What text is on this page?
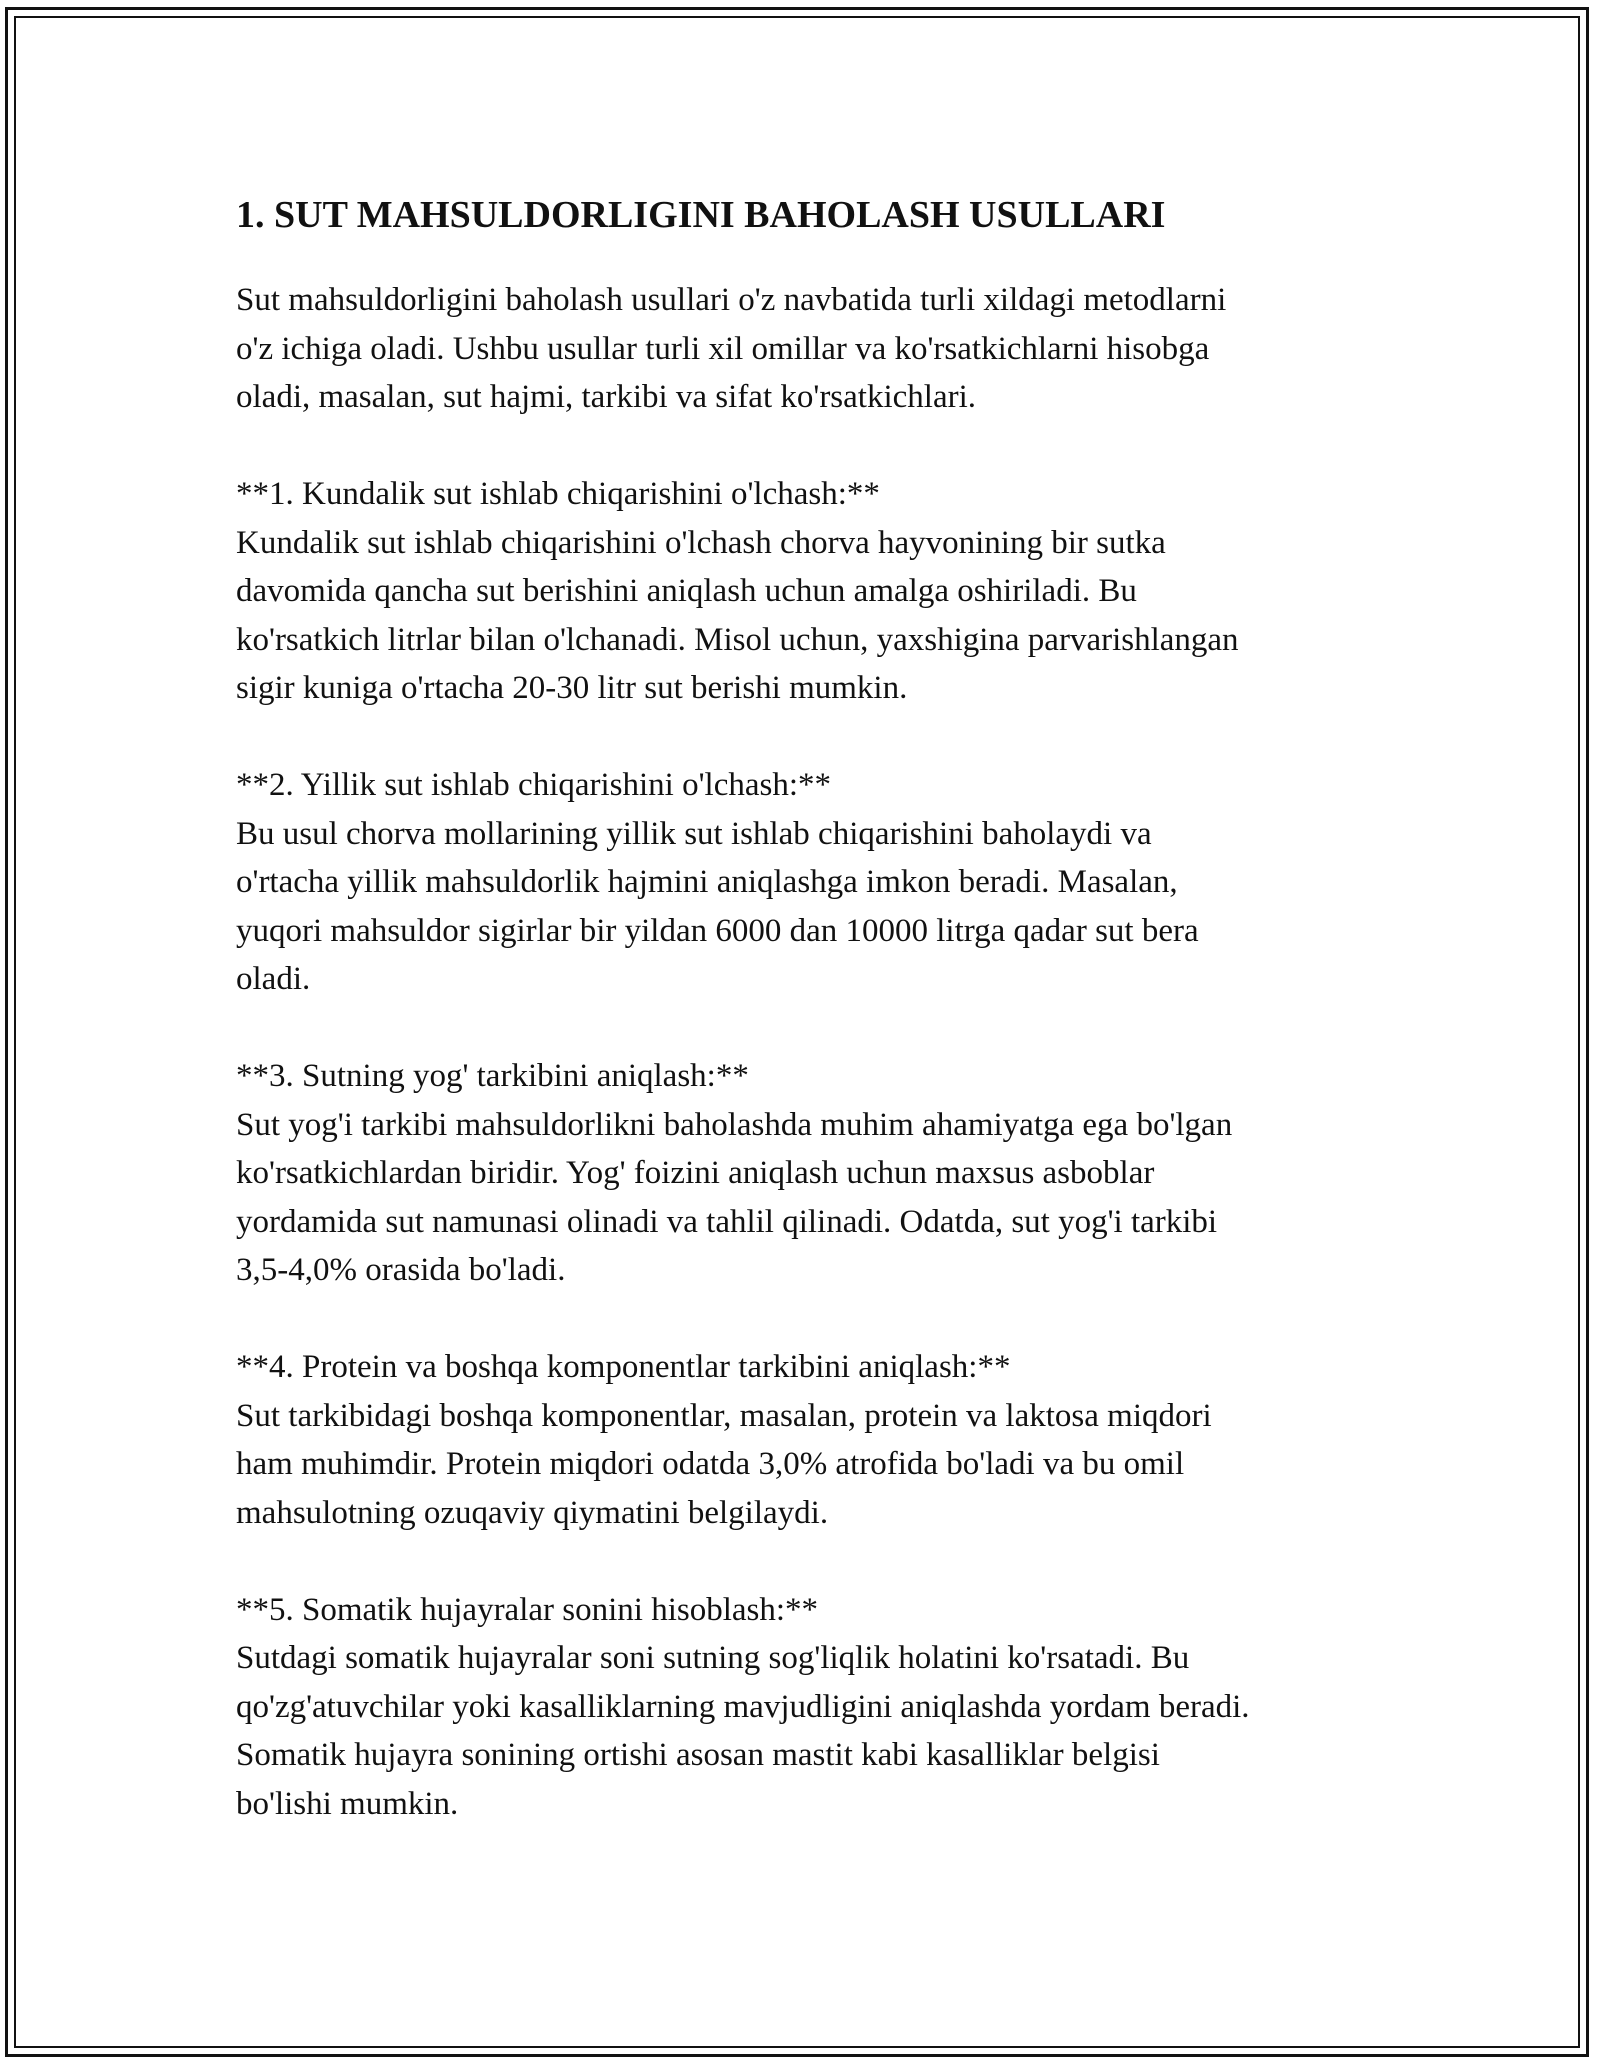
1. SUT MAHSULDORLIGINI BAHOLASH USULLARI

Sut mahsuldorligini baholash usullari o'z navbatida turli xildagi metodlarni
o'z ichiga oladi. Ushbu usullar turli xil omillar va ko'rsatkichlarni hisobga
oladi, masalan, sut hajmi, tarkibi va sifat ko'rsatkichlari.

**1. Kundalik sut ishlab chiqarishini o'lchash:**
Kundalik sut ishlab chiqarishini o'lchash chorva hayvonining bir sutka
davomida qancha sut berishini aniqlash uchun amalga oshiriladi. Bu
ko'rsatkich litrlar bilan o'lchanadi. Misol uchun, yaxshigina parvarishlangan
sigir kuniga o'rtacha 20-30 litr sut berishi mumkin.

**2. Yillik sut ishlab chiqarishini o'lchash:**
Bu usul chorva mollarining yillik sut ishlab chiqarishini baholaydi va
o'rtacha yillik mahsuldorlik hajmini aniqlashga imkon beradi. Masalan,
yuqori mahsuldor sigirlar bir yildan 6000 dan 10000 litrga qadar sut bera
oladi.

**3. Sutning yog' tarkibini aniqlash:**
Sut yog'i tarkibi mahsuldorlikni baholashda muhim ahamiyatga ega bo'lgan
ko'rsatkichlardan biridir. Yog' foizini aniqlash uchun maxsus asboblar
yordamida sut namunasi olinadi va tahlil qilinadi. Odatda, sut yog'i tarkibi
3,5-4,0% orasida bo'ladi.

**4. Protein va boshqa komponentlar tarkibini aniqlash:**
Sut tarkibidagi boshqa komponentlar, masalan, protein va laktosa miqdori
ham muhimdir. Protein miqdori odatda 3,0% atrofida bo'ladi va bu omil
mahsulotning ozuqaviy qiymatini belgilaydi.

**5. Somatik hujayralar sonini hisoblash:**
Sutdagi somatik hujayralar soni sutning sog'liqlik holatini ko'rsatadi. Bu
qo'zg'atuvchilar yoki kasalliklarning mavjudligini aniqlashda yordam beradi.
Somatik hujayra sonining ortishi asosan mastit kabi kasalliklar belgisi
bo'lishi mumkin.
